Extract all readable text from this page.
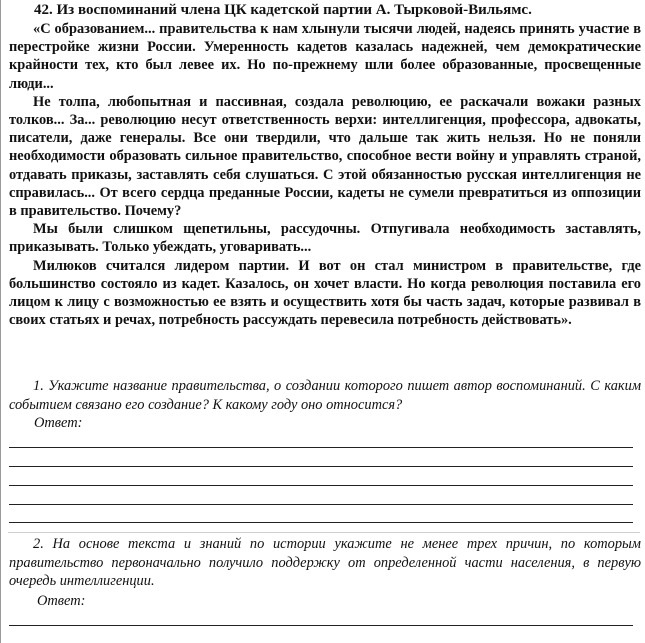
42. Из воспоминаний члена ЦК кадетской партии А. Тырковой-Вильямс.

«С образованием... правительства к нам хлынули тысячи людей, надеясь принять участие в перестройке жизни России. Умеренность кадетов казалась надежней, чем демократические крайности тех, кто был левее их. Но по-прежнему шли более образованные, просвещенные люди...

Не толпа, любопытная и пассивная, создала революцию, ее раскачали вожаки разных толков... За... революцию несут ответственность верхи: интеллигенция, профессора, адвокаты, писатели, даже генералы. Все они твердили, что дальше так жить нельзя. Но не поняли необходимости образовать сильное правительство, способное вести войну и управлять страной, отдавать приказы, заставлять себя слушаться. С этой обязанностью русская интеллигенция не справилась... От всего сердца преданные России, кадеты не сумели превратиться из оппозиции в правительство. Почему?

Мы были слишком щепетильны, рассудочны. Отпугивала необходимость заставлять, приказывать. Только убеждать, уговаривать...

Милюков считался лидером партии. И вот он стал министром в правительстве, где большинство состояло из кадет. Казалось, он хочет власти. Но когда революция поставила его лицом к лицу с возможностью ее взять и осуществить хотя бы часть задач, которые развивал в своих статьях и речах, потребность рассуждать перевесила потребность действовать».

1. Укажите название правительства, о создании которого пишет автор воспоминаний. С каким событием связано его создание? К какому году оно относится?

Ответ:

2. На основе текста и знаний по истории укажите не менее трех причин, по которым правительство первоначально получило поддержку от определенной части населения, в первую очередь интеллигенции.

Ответ:
